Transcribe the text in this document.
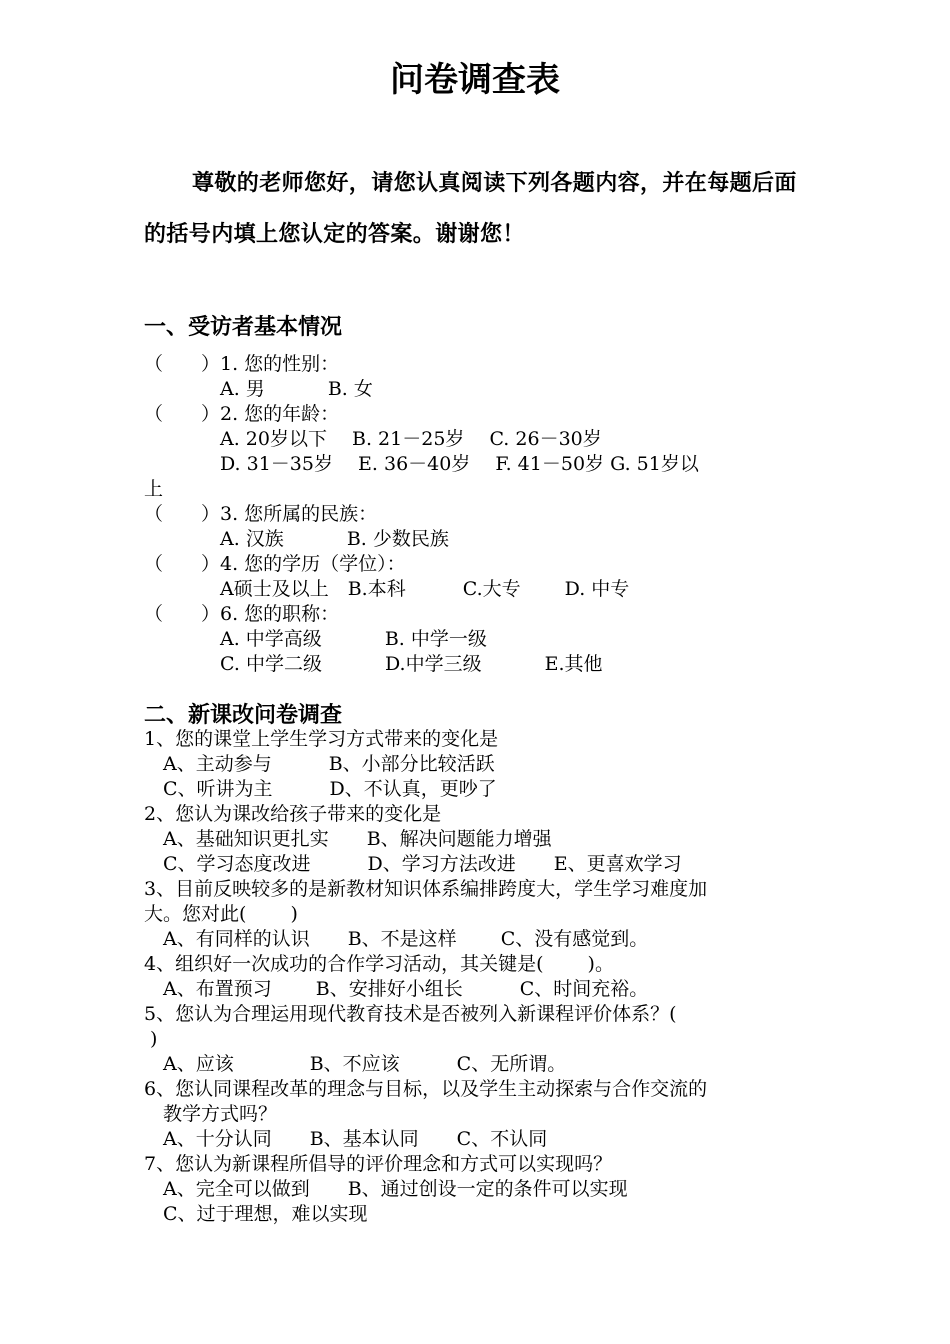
问卷调查表

尊敬的老师您好，请您认真阅读下列各题内容，并在每题后面的括号内填上您认定的答案。谢谢您！

一、受访者基本情况

（　　）1. 您的性别：

　　　　A. 男　　　 B. 女

（　　）2. 您的年龄：

　　　　A. 20岁以下　 B. 21－25岁　 C. 26－30岁

　　　　D. 31－35岁　 E. 36－40岁　 F. 41－50岁 G. 51岁以

上

（　　）3. 您所属的民族：

　　　　A. 汉族　　　 B. 少数民族

（　　）4. 您的学历（学位）：

　　　　A硕士及以上　B.本科　　　C.大专　　 D. 中专

（　　）6. 您的职称：

　　　　A. 中学高级　　　 B. 中学一级

　　　　C. 中学二级　　　 D.中学三级　　　 E.其他

二、新课改问卷调查

1、您的课堂上学生学习方式带来的变化是

　A、主动参与　　　B、小部分比较活跃

　C、听讲为主　　　D、不认真，更吵了

2、您认为课改给孩子带来的变化是

　A、基础知识更扎实　　B、解决问题能力增强

　C、学习态度改进　　　D、学习方法改进　　E、更喜欢学习

3、目前反映较多的是新教材知识体系编排跨度大，学生学习难度加

大。您对此(　　 )

　A、有同样的认识　　B、不是这样　　 C、没有感觉到。

4、组织好一次成功的合作学习活动，其关键是(　　 )。

　A、布置预习　　 B、安排好小组长　　　C、时间充裕。

5、您认为合理运用现代教育技术是否被列入新课程评价体系？(

)

　A、应该　　　　B、不应该　　　C、无所谓。

6、您认同课程改革的理念与目标，以及学生主动探索与合作交流的

　教学方式吗？

　A、十分认同　　B、基本认同　　C、不认同

7、您认为新课程所倡导的评价理念和方式可以实现吗？

　A、完全可以做到　　B、通过创设一定的条件可以实现

　C、过于理想，难以实现
